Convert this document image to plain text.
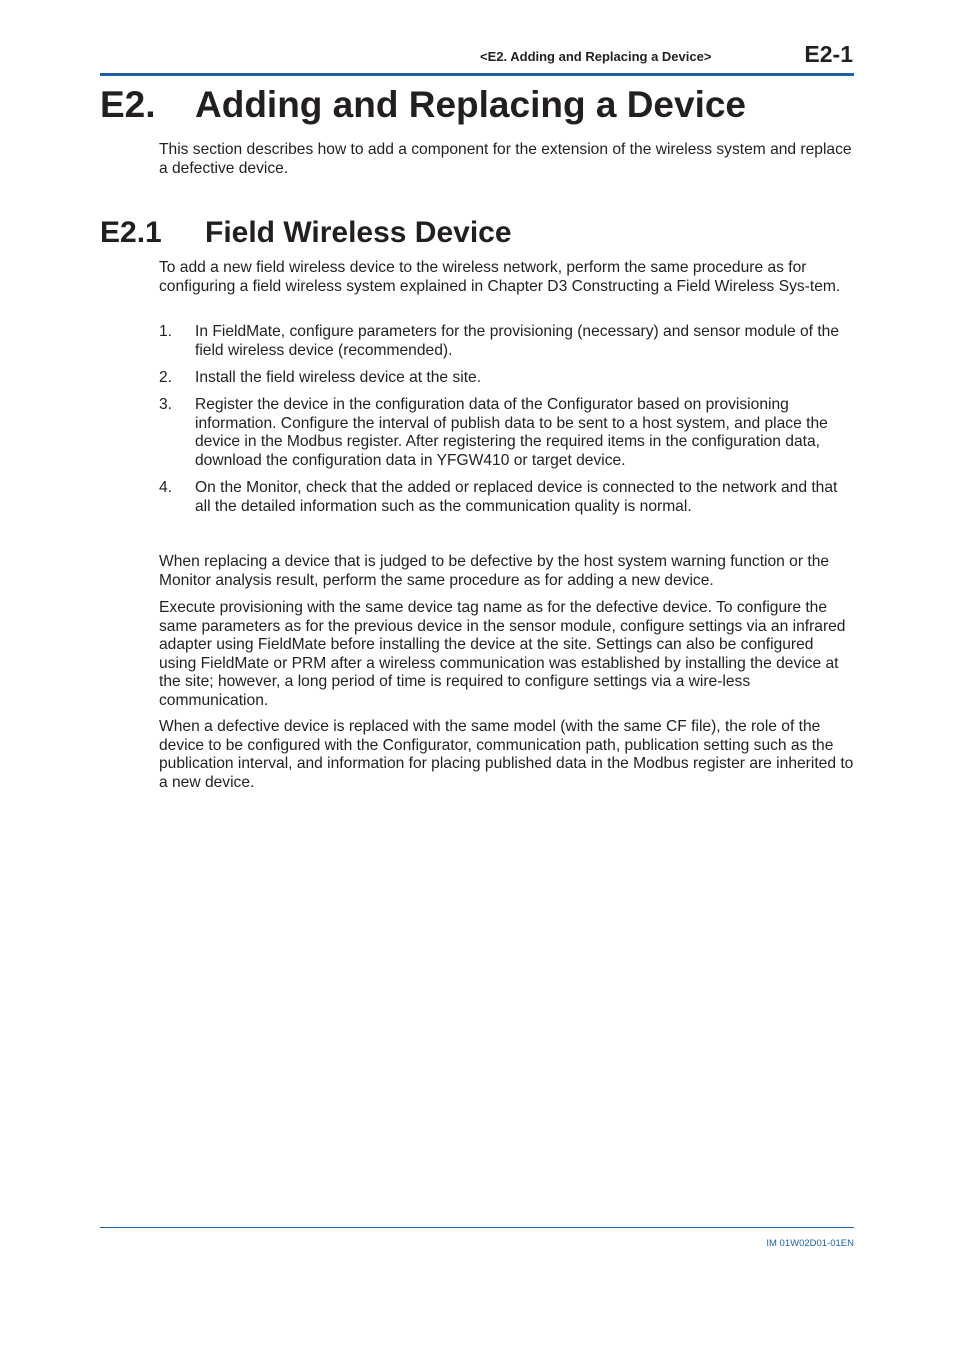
<E2. Adding and Replacing a Device>	E2-1
E2. Adding and Replacing a Device

This section describes how to add a component for the extension of the wireless system and replace a defective device.

E2.1 Field Wireless Device

To add a new field wireless device to the wireless network, perform the same procedure as for configuring a field wireless system explained in Chapter D3 Constructing a Field Wireless Sys-tem.

1. In FieldMate, configure parameters for the provisioning (necessary) and sensor module of the field wireless device (recommended).
2. Install the field wireless device at the site.
3. Register the device in the configuration data of the Configurator based on provisioning information. Configure the interval of publish data to be sent to a host system, and place the device in the Modbus register. After registering the required items in the configuration data, download the configuration data in YFGW410 or target device.
4. On the Monitor, check that the added or replaced device is connected to the network and that all the detailed information such as the communication quality is normal.

When replacing a device that is judged to be defective by the host system warning function or the Monitor analysis result, perform the same procedure as for adding a new device.

Execute provisioning with the same device tag name as for the defective device. To configure the same parameters as for the previous device in the sensor module, configure settings via an infrared adapter using FieldMate before installing the device at the site. Settings can also be configured using FieldMate or PRM after a wireless communication was established by installing the device at the site; however, a long period of time is required to configure settings via a wire-less communication.

When a defective device is replaced with the same model (with the same CF file), the role of the device to be configured with the Configurator, communication path, publication setting such as the publication interval, and information for placing published data in the Modbus register are inherited to a new device.

IM 01W02D01-01EN
